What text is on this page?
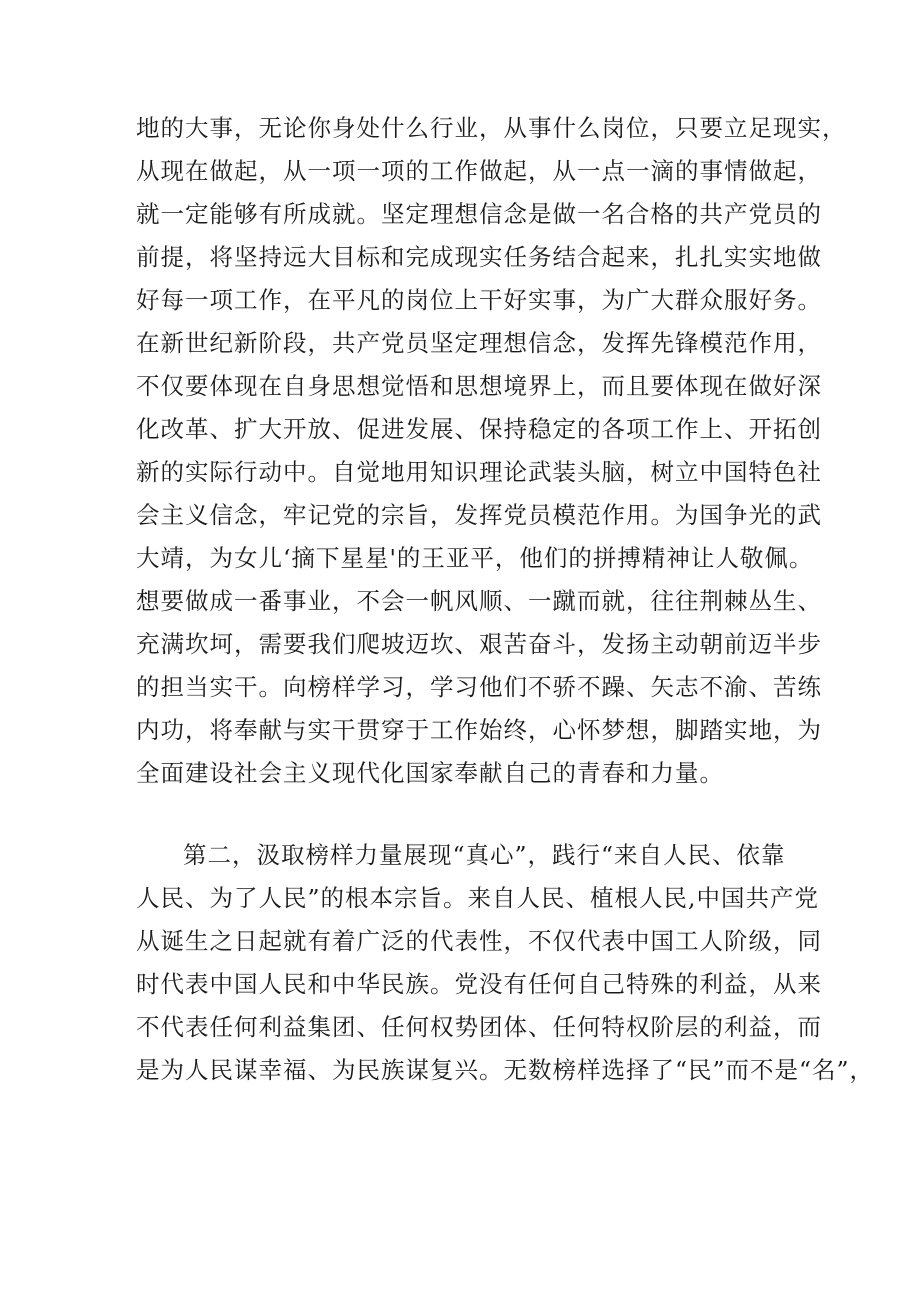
地的大事，无论你身处什么行业，从事什么岗位，只要立足现实，
从现在做起，从一项一项的工作做起，从一点一滴的事情做起，
就一定能够有所成就。坚定理想信念是做一名合格的共产党员的
前提，将坚持远大目标和完成现实任务结合起来，扎扎实实地做
好每一项工作，在平凡的岗位上干好实事，为广大群众服好务。
在新世纪新阶段，共产党员坚定理想信念，发挥先锋模范作用，
不仅要体现在自身思想觉悟和思想境界上，而且要体现在做好深
化改革、扩大开放、促进发展、保持稳定的各项工作上、开拓创
新的实际行动中。自觉地用知识理论武装头脑，树立中国特色社
会主义信念，牢记党的宗旨，发挥党员模范作用。为国争光的武
大靖，为女儿‘摘下星星'的王亚平，他们的拼搏精神让人敬佩。
想要做成一番事业，不会一帆风顺、一蹴而就，往往荆棘丛生、
充满坎坷，需要我们爬坡迈坎、艰苦奋斗，发扬主动朝前迈半步
的担当实干。向榜样学习，学习他们不骄不躁、矢志不渝、苦练
内功，将奉献与实干贯穿于工作始终，心怀梦想，脚踏实地，为
全面建设社会主义现代化国家奉献自己的青春和力量。
第二，汲取榜样力量展现“真心”，践行“来自人民、依靠
人民、为了人民”的根本宗旨。来自人民、植根人民,中国共产党
从诞生之日起就有着广泛的代表性，不仅代表中国工人阶级，同
时代表中国人民和中华民族。党没有任何自己特殊的利益，从来
不代表任何利益集团、任何权势团体、任何特权阶层的利益，而
是为人民谋幸福、为民族谋复兴。无数榜样选择了“民”而不是“名”，
